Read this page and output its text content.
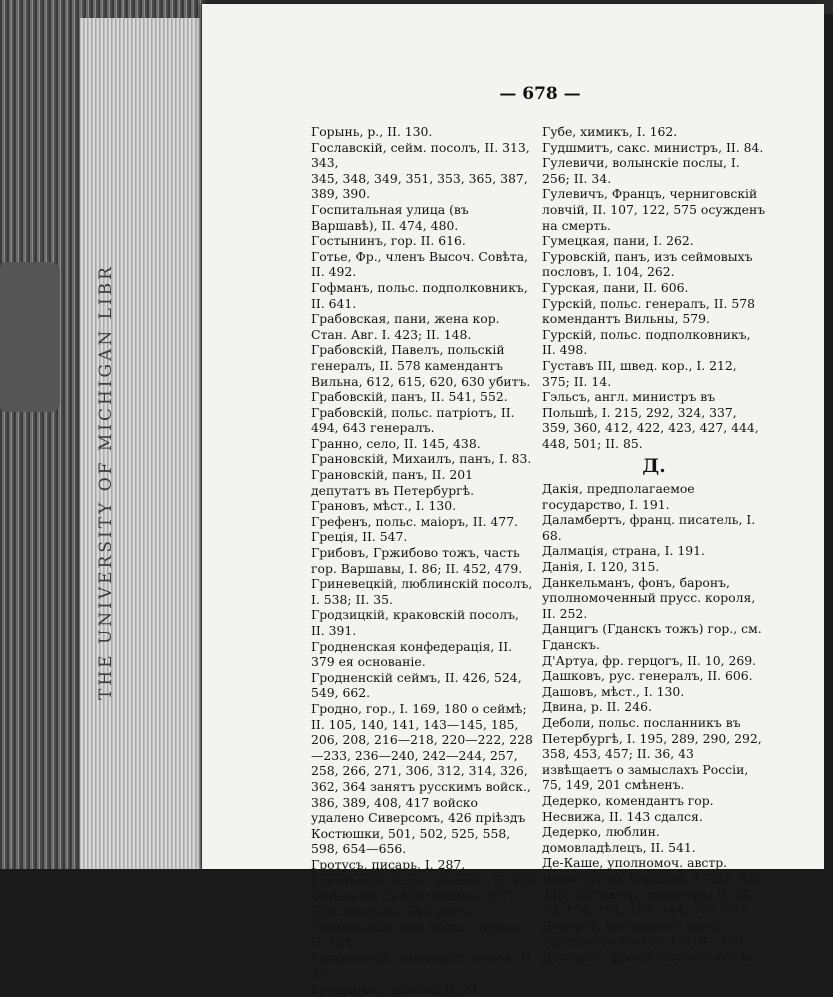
THE UNIVERSITY OF MICHIGAN LIBR
— 678 —
Горынь, р., II. 130.
Гославскій, сейм. посолъ, II. 313, 343,
345, 348, 349, 351, 353, 365, 387,
389, 390.
Госпитальная улица (въ Варшавѣ), II. 474, 480.
Гостынинъ, гор. II. 616.
Готье, Фр., членъ Высоч. Совѣта, II. 492.
Гофманъ, польс. подполковникъ, II. 641.
Грабовская, пани, жена кор. Стан. Авг. I. 423; II. 148.
Грабовскій, Павелъ, польскій генералъ, II. 578 камендантъ Вильна, 612, 615, 620, 630 убитъ.
Грабовскій, панъ, II. 541, 552.
Грабовскій, польс. патріотъ, II. 494, 643 генералъ.
Гранно, село, II. 145, 438.
Грановскій, Михаилъ, панъ, I. 83.
Грановскій, панъ, II. 201 депутатъ въ Петербургѣ.
Грановъ, мѣст., I. 130.
Грефенъ, польс. маіоръ, II. 477.
Греція, II. 547.
Грибовъ, Гржибово тожъ, часть гор. Варшавы, I. 86; II. 452, 479.
Гриневецкій, люблинскій посолъ, I. 538; II. 35.
Гродзицкій, краковскій посолъ, II. 391.
Гродненская конфедерація, II. 379 ея основаніе.
Гродненскій сеймъ, II. 426, 524, 549, 662.
Гродно, гор., I. 169, 180 о сеймѣ; II. 105, 140, 141, 143—145, 185, 206, 208, 216—218, 220—222, 228—233, 236—240, 242—244, 257, 258, 266, 271, 306, 312, 314, 326, 362, 364 занятъ русскимъ войск., 386, 389, 408, 417 войско удалено Сиверсомъ, 426 пріѣздъ Костюшки, 501, 502, 525, 558, 598, 654—656.
Гротусъ, писарь, I. 287.
Гроховскій, польс. военач., II. 426 совѣщаніе съ Костюшкой, 507, 539 генералъ, 540 убитъ.
Грохольскій, нач. польс. отряда, II. 104.
Грохольскій, сеймовый посолъ, II. 35.
Грущецкіе, шляхта, II. 24.
Губе, химикъ, I. 162.
Гудшмитъ, сакс. министръ, II. 84.
Гулевичи, волынскіе послы, I. 256; II. 34.
Гулевичъ, Францъ, черниговскій ловчій, II. 107, 122, 575 осужденъ на смерть.
Гумецкая, пани, I. 262.
Гуровскій, панъ, изъ сеймовыхъ пословъ, I. 104, 262.
Гурская, пани, II. 606.
Гурскій, польс. генералъ, II. 578 комендантъ Вильны, 579.
Гурскій, польс. подполковникъ, II. 498.
Густавъ III, швед. кор., I. 212, 375; II. 14.
Гэльсъ, англ. министръ въ Польшѣ, I. 215, 292, 324, 337, 359, 360, 412, 422, 423, 427, 444, 448, 501; II. 85.
Д.
Дакія, предполагаемое государство, I. 191.
Даламбертъ, франц. писатель, I. 68.
Далмація, страна, I. 191.
Данія, I. 120, 315.
Данкельманъ, фонъ, баронъ, уполномоченный прусс. короля, II. 252.
Данцигъ (Гданскъ тожъ) гор., см. Гданскъ.
Д'Артуа, фр. герцогъ, II. 10, 269.
Дашковъ, рус. генералъ, II. 606.
Дашовъ, мѣст., I. 130.
Двина, р. II. 246.
Деболи, польс. посланникъ въ Петербургѣ, I. 195, 289, 290, 292, 358, 453, 457; II. 36, 43 извѣщаетъ о замыслахъ Россіи, 75, 149, 201 смѣненъ.
Дедерко, комендантъ гор. Несвижа, II. 143 сдался.
Дедерко, люблин. домовладѣлецъ, II. 541.
Де-Каше, уполномоч. австр. министра въ Варшавѣ, I. 263, 336, 345, 502 австр. министръ; II. 56, 70, 154, 161, 259, 444, 505, 557.
Декертъ, президентъ варш. городского совѣта, I. 318—320.
Декоршъ, франц. посланникъ въ
